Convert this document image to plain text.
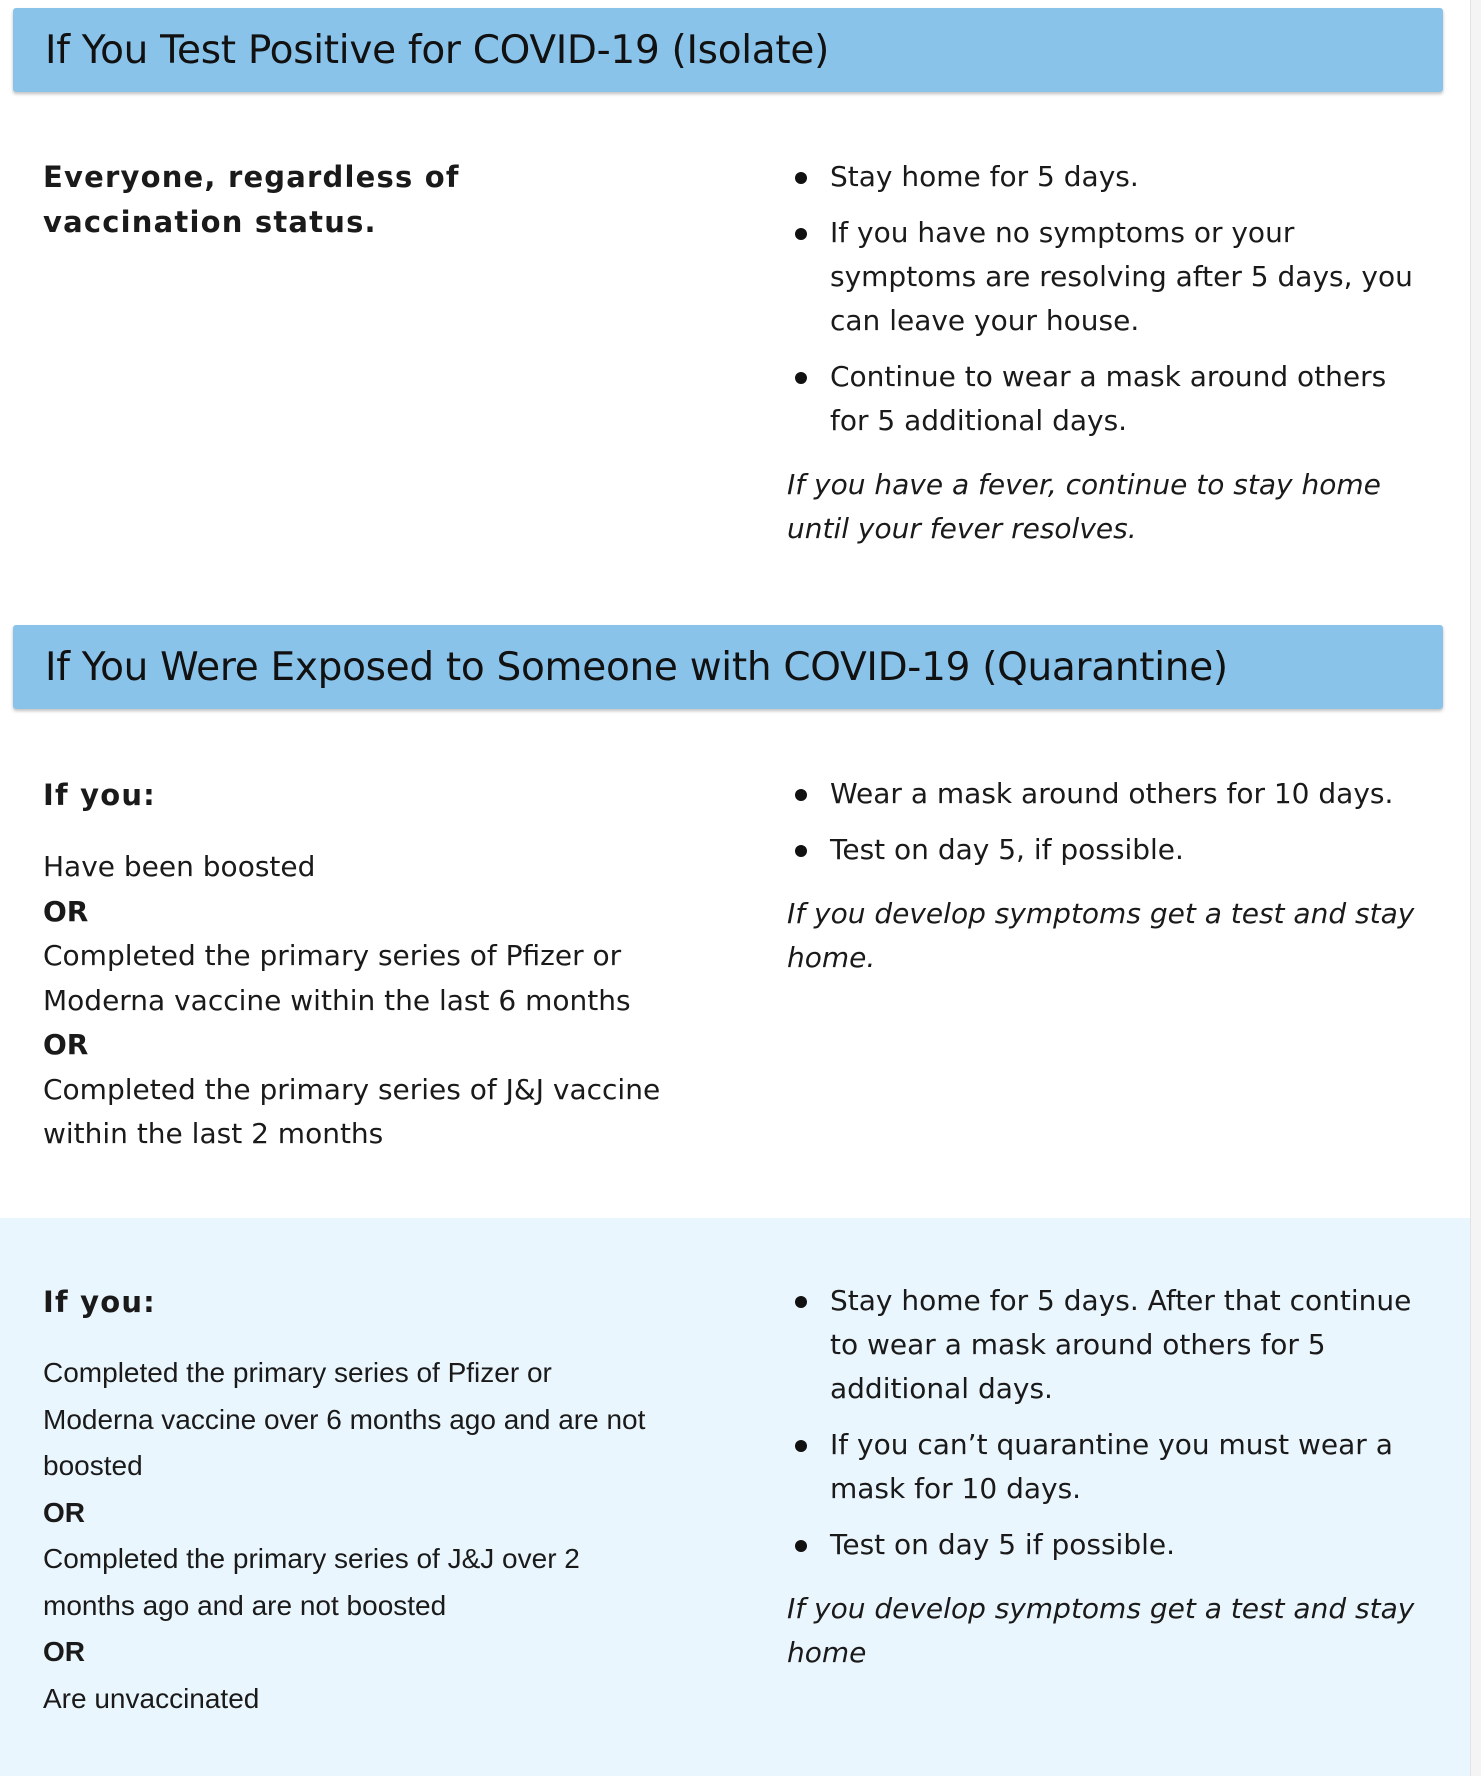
If You Test Positive for COVID-19 (Isolate)

Everyone, regardless of vaccination status.

Stay home for 5 days.
If you have no symptoms or your symptoms are resolving after 5 days, you can leave your house.
Continue to wear a mask around others for 5 additional days.

If you have a fever, continue to stay home until your fever resolves.

If You Were Exposed to Someone with COVID-19 (Quarantine)

If you:

Have been boosted
OR
Completed the primary series of Pfizer or Moderna vaccine within the last 6 months
OR
Completed the primary series of J&J vaccine within the last 2 months
Wear a mask around others for 10 days.
Test on day 5, if possible.

If you develop symptoms get a test and stay home.

If you:

Completed the primary series of Pfizer or Moderna vaccine over 6 months ago and are not boosted
OR
Completed the primary series of J&J over 2 months ago and are not boosted
OR
Are unvaccinated
Stay home for 5 days. After that continue to wear a mask around others for 5 additional days.
If you can’t quarantine you must wear a mask for 10 days.
Test on day 5 if possible.

If you develop symptoms get a test and stay home
